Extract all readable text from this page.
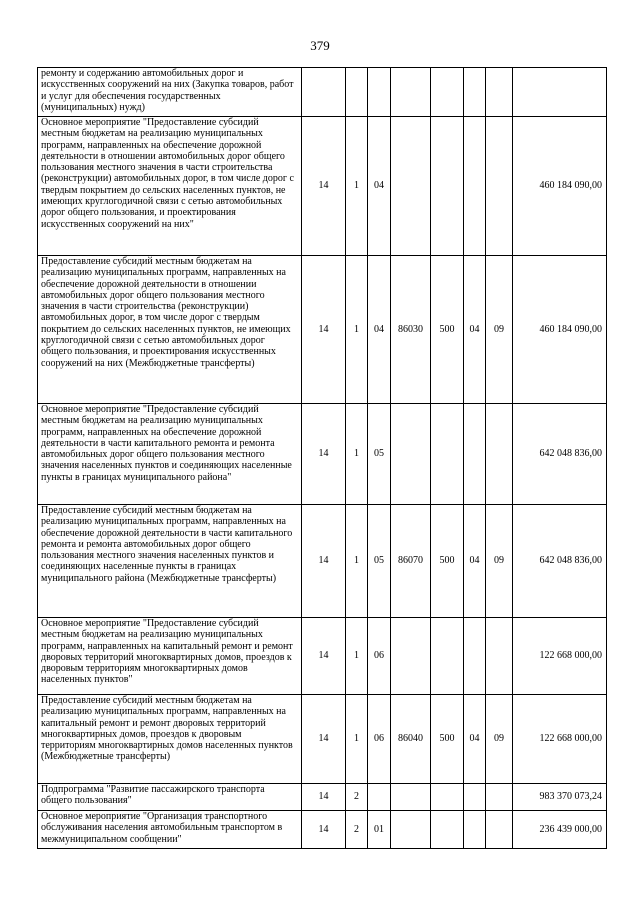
379
ремонту и содержанию автомобильных дорог и искусственных сооружений на них (Закупка товаров, работ и услуг для обеспечения государственных (муниципальных) нужд)								
Основное мероприятие "Предоставление субсидий местным бюджетам на реализацию муниципальных программ, направленных на обеспечение дорожной деятельности в отношении автомобильных дорог общего пользования местного значения в части строительства (реконструкции) автомобильных дорог, в том числе дорог с твердым покрытием до сельских населенных пунктов, не имеющих круглогодичной связи с сетью автомобильных дорог общего пользования, и проектирования искусственных сооружений на них"	14	1	04					460 184 090,00
Предоставление субсидий местным бюджетам на реализацию муниципальных программ, направленных на обеспечение дорожной деятельности в отношении автомобильных дорог общего пользования местного значения в части строительства (реконструкции) автомобильных дорог, в том числе дорог с твердым покрытием до сельских населенных пунктов, не имеющих круглогодичной связи с сетью автомобильных дорог общего пользования, и проектирования искусственных сооружений на них (Межбюджетные трансферты)	14	1	04	86030	500	04	09	460 184 090,00
Основное мероприятие "Предоставление субсидий местным бюджетам на реализацию муниципальных программ, направленных на обеспечение дорожной деятельности в части капитального ремонта и ремонта автомобильных дорог общего пользования местного значения населенных пунктов и соединяющих населенные пункты в границах муниципального района"	14	1	05					642 048 836,00
Предоставление субсидий местным бюджетам на реализацию муниципальных программ, направленных на обеспечение дорожной деятельности в части капитального ремонта и ремонта автомобильных дорог общего пользования местного значения населенных пунктов и соединяющих населенные пункты в границах муниципального района (Межбюджетные трансферты)	14	1	05	86070	500	04	09	642 048 836,00
Основное мероприятие "Предоставление субсидий местным бюджетам на реализацию муниципальных программ, направленных на капитальный ремонт и ремонт дворовых территорий многоквартирных домов, проездов к дворовым территориям многоквартирных домов населенных пунктов"	14	1	06					122 668 000,00
Предоставление субсидий местным бюджетам на реализацию муниципальных программ, направленных на капитальный ремонт и ремонт дворовых территорий многоквартирных домов, проездов к дворовым территориям многоквартирных домов населенных пунктов (Межбюджетные трансферты)	14	1	06	86040	500	04	09	122 668 000,00
Подпрограмма "Развитие пассажирского транспорта общего пользования"	14	2						983 370 073,24
Основное мероприятие "Организация транспортного обслуживания населения автомобильным транспортом в межмуниципальном сообщении"	14	2	01					236 439 000,00
